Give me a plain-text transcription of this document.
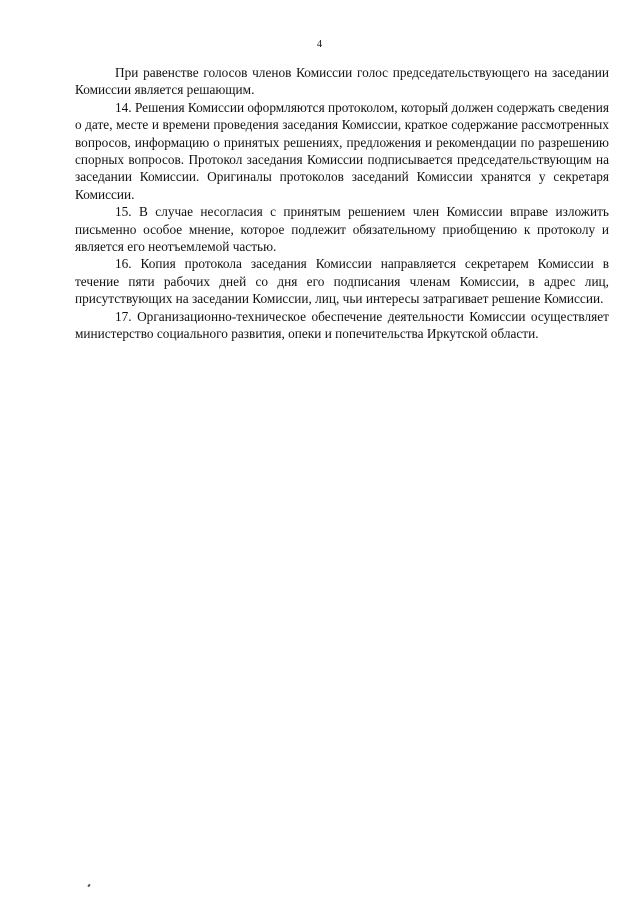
4

При равенстве голосов членов Комиссии голос председательствующего на заседании Комиссии является решающим.

14. Решения Комиссии оформляются протоколом, который должен содержать сведения о дате, месте и времени проведения заседания Комиссии, краткое содержание рассмотренных вопросов, информацию о принятых решениях, предложения и рекомендации по разрешению спорных вопросов. Протокол заседания Комиссии подписывается председательствующим на заседании Комиссии. Оригиналы протоколов заседаний Комиссии хранятся у секретаря Комиссии.

15. В случае несогласия с принятым решением член Комиссии вправе изложить письменно особое мнение, которое подлежит обязательному приобщению к протоколу и является его неотъемлемой частью.

16. Копия протокола заседания Комиссии направляется секретарем Комиссии в течение пяти рабочих дней со дня его подписания членам Комиссии, в адрес лиц, присутствующих на заседании Комиссии, лиц, чьи интересы затрагивает решение Комиссии.

17. Организационно-техническое обеспечение деятельности Комиссии осуществляет министерство социального развития, опеки и попечительства Иркутской области.
